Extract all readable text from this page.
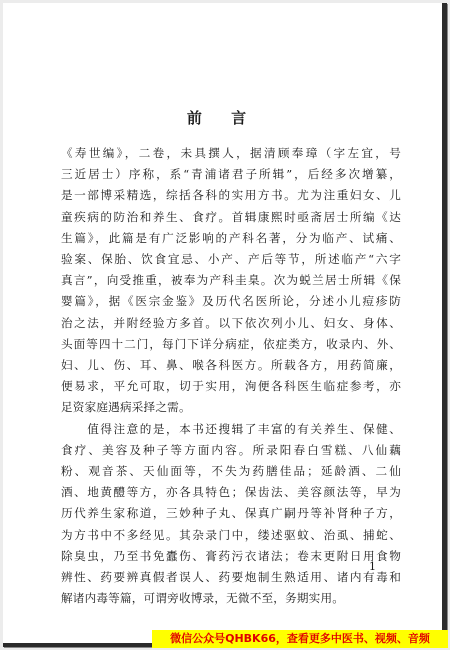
前 言
《寿世编》，二卷，未具撰人，据清顾奉璋（字左宜，号
三近居士）序称，系“青浦诸君子所辑”，后经多次增纂，
是一部博采精选，综括各科的实用方书。尤为注重妇女、儿
童疾病的防治和养生、食疗。首辑康熙时亟斋居士所编《达
生篇》，此篇是有广泛影响的产科名著，分为临产、试痛、
验案、保胎、饮食宜忌、小产、产后等节，所述临产“六字
真言”，向受推重，被奉为产科圭臬。次为蜕兰居士所辑《保
婴篇》，据《医宗金鉴》及历代名医所论，分述小儿痘疹防
治之法，并附经验方多首。以下依次列小儿、妇女、身体、
头面等四十二门，每门下详分病症，依症类方，收录内、外、
妇、儿、伤、耳、鼻、喉各科医方。所载各方，用药简廉，
便易求，平允可取，切于实用，洵便各科医生临症参考，亦
足资家庭遇病采择之需。
　　值得注意的是，本书还搜辑了丰富的有关养生、保健、
食疗、美容及种子等方面内容。所录阳春白雪糕、八仙藕
粉、观音茶、天仙面等，不失为药膳佳品；延龄酒、二仙
酒、地黄醴等方，亦各具特色；保齿法、美容颜法等，早为
历代养生家称道，三妙种子丸、保真广嗣丹等补肾种子方，
为方书中不多经见。其杂录门中，缕述驱蚊、治虱、捕蛇、
除臭虫，乃至书免蠹伤、膏药污衣诸法；卷末更附日用食物
辨性、药要辨真假者误人、药要炮制生熟适用、诸内有毒和
解诸内毒等篇，可谓旁收博录，无微不至，务期实用。
1
微信公众号QHBK66，查看更多中医书、视频、音频
